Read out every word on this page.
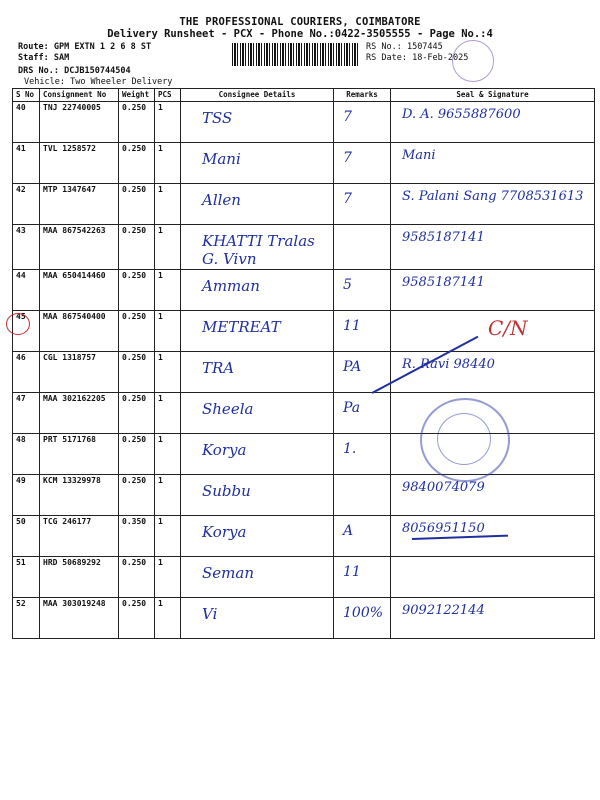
THE PROFESSIONAL COURIERS, COIMBATORE
Delivery Runsheet - PCX - Phone No.:0422-3505555 - Page No.:4
Route: GPM EXTN 1 2 6 8 ST
Staff: SAM
DRS No.: DCJB150744504
Vehicle: Two Wheeler Delivery
RS No.: 1507445
RS Date: 18-Feb-2025
S No	Consignment No	Weight	PCS	Consignee Details	Remarks	Seal & Signature
40	TNJ 22740005	0.250	1	TSS	7	D. A. 9655887600

41	TVL 1258572	0.250	1	Mani	7	Mani

42	MTP 1347647	0.250	1	Allen	7	S. Palani Sang 7708531613

43	MAA 867542263	0.250	1	KHATTI Tralas G. Vivn		9585187141

44	MAA 650414460	0.250	1	Amman	5	9585187141

45	MAA 867540400	0.250	1	METREAT	11	

46	CGL 1318757	0.250	1	TRA	PA	R. Ravi 98440

47	MAA 302162205	0.250	1	Sheela	Pa	

48	PRT 5171768	0.250	1	Korya	1.	

49	KCM 13329978	0.250	1	Subbu		9840074079

50	TCG 246177	0.350	1	Korya	A	8056951150

51	HRD 50689292	0.250	1	Seman	11	

52	MAA 303019248	0.250	1	Vi	100%	9092122144
C/N
